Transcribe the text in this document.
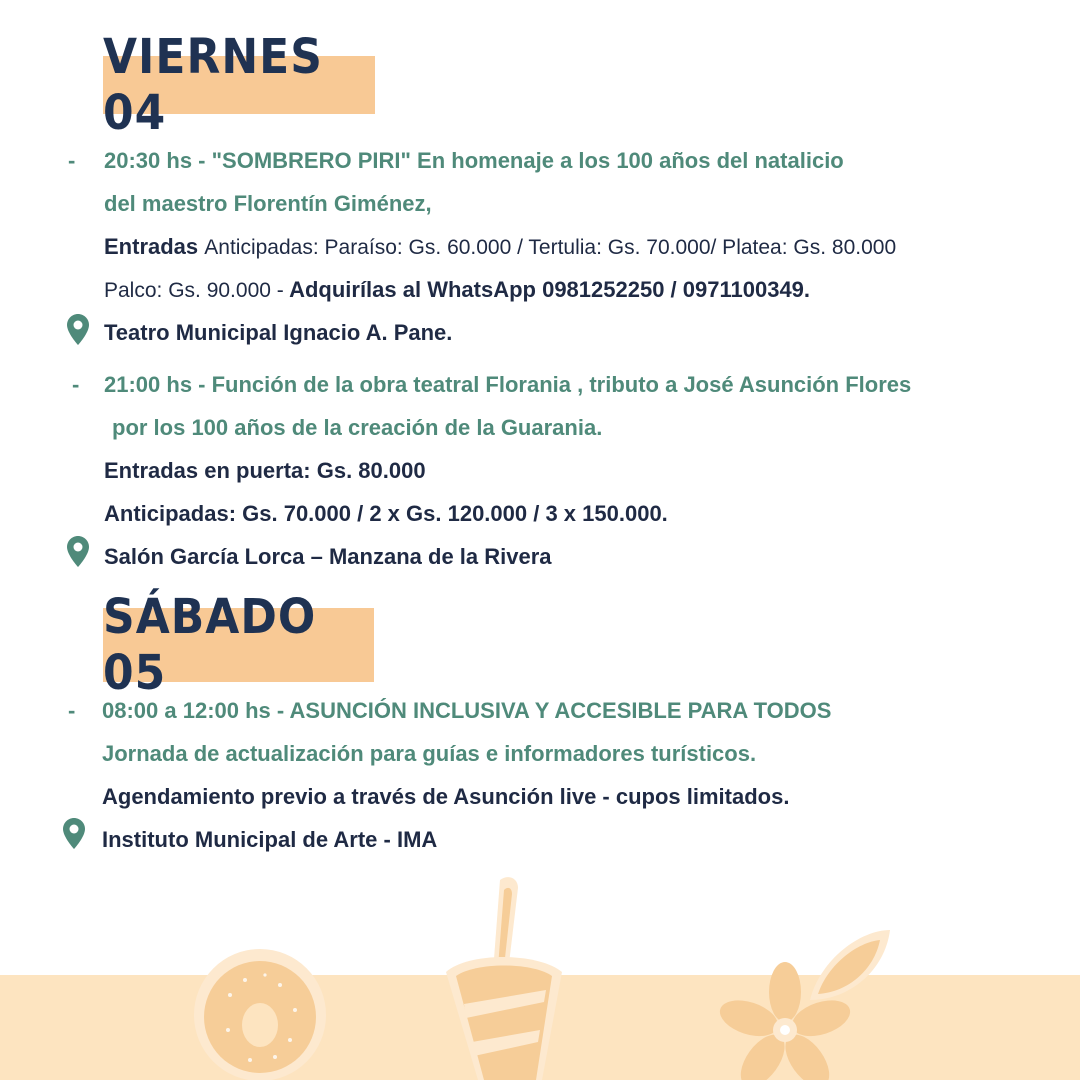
VIERNES 04
- 20:30 hs - "SOMBRERO PIRI" En homenaje a los 100 años del natalicio
del maestro Florentín Giménez,
Entradas Anticipadas: Paraíso: Gs. 60.000 / Tertulia: Gs. 70.000/ Platea: Gs. 80.000
Palco: Gs. 90.000 - Adquirílas al WhatsApp 0981252250 / 0971100349.
Teatro Municipal Ignacio A. Pane.
- 21:00 hs - Función de la obra teatral Florania , tributo a José Asunción Flores
por los 100 años de la creación de la Guarania.
Entradas en puerta: Gs. 80.000
Anticipadas: Gs. 70.000 / 2 x Gs. 120.000 / 3 x 150.000.
Salón García Lorca – Manzana de la Rivera
SÁBADO 05
- 08:00 a 12:00 hs - ASUNCIÓN INCLUSIVA Y ACCESIBLE PARA TODOS
Jornada de actualización para guías e informadores turísticos.
Agendamiento previo a través de Asunción live - cupos limitados.
Instituto Municipal de Arte - IMA
